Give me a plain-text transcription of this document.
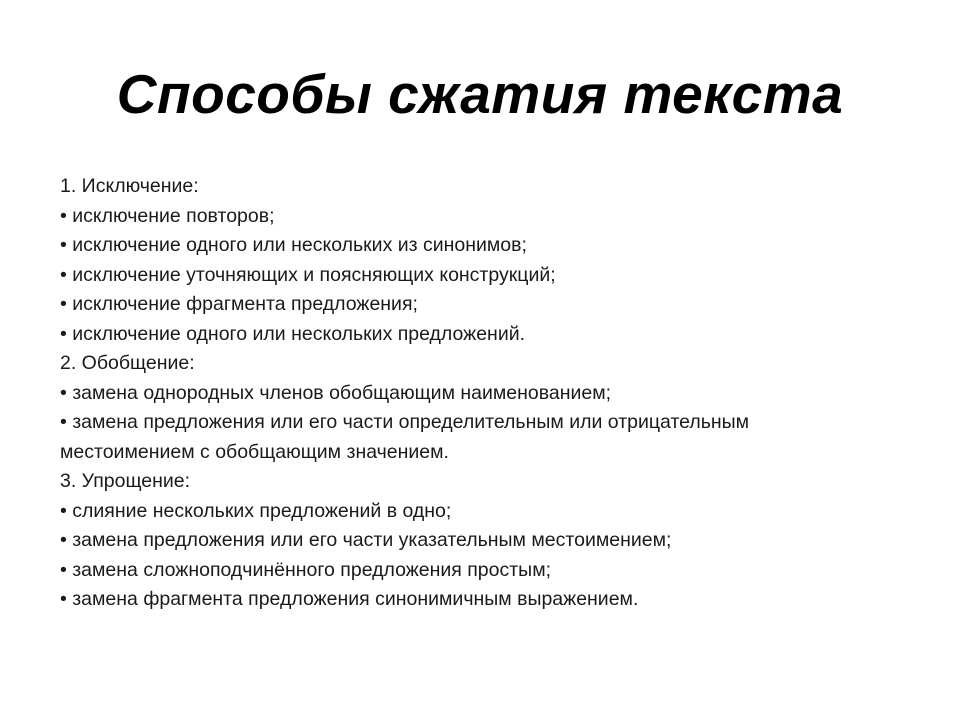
Способы сжатия текста

1. Исключение:

• исключение повторов;

• исключение одного или нескольких из синонимов;

• исключение уточняющих и поясняющих конструкций;

• исключение фрагмента предложения;

• исключение одного или нескольких предложений.

2. Обобщение:

• замена однородных членов обобщающим наименованием;

• замена предложения или его части определительным или отрицательным

местоимением с обобщающим значением.

3. Упрощение:

• слияние нескольких предложений в одно;

• замена предложения или его части указательным местоимением;

• замена сложноподчинённого предложения простым;

• замена фрагмента предложения синонимичным выражением.
